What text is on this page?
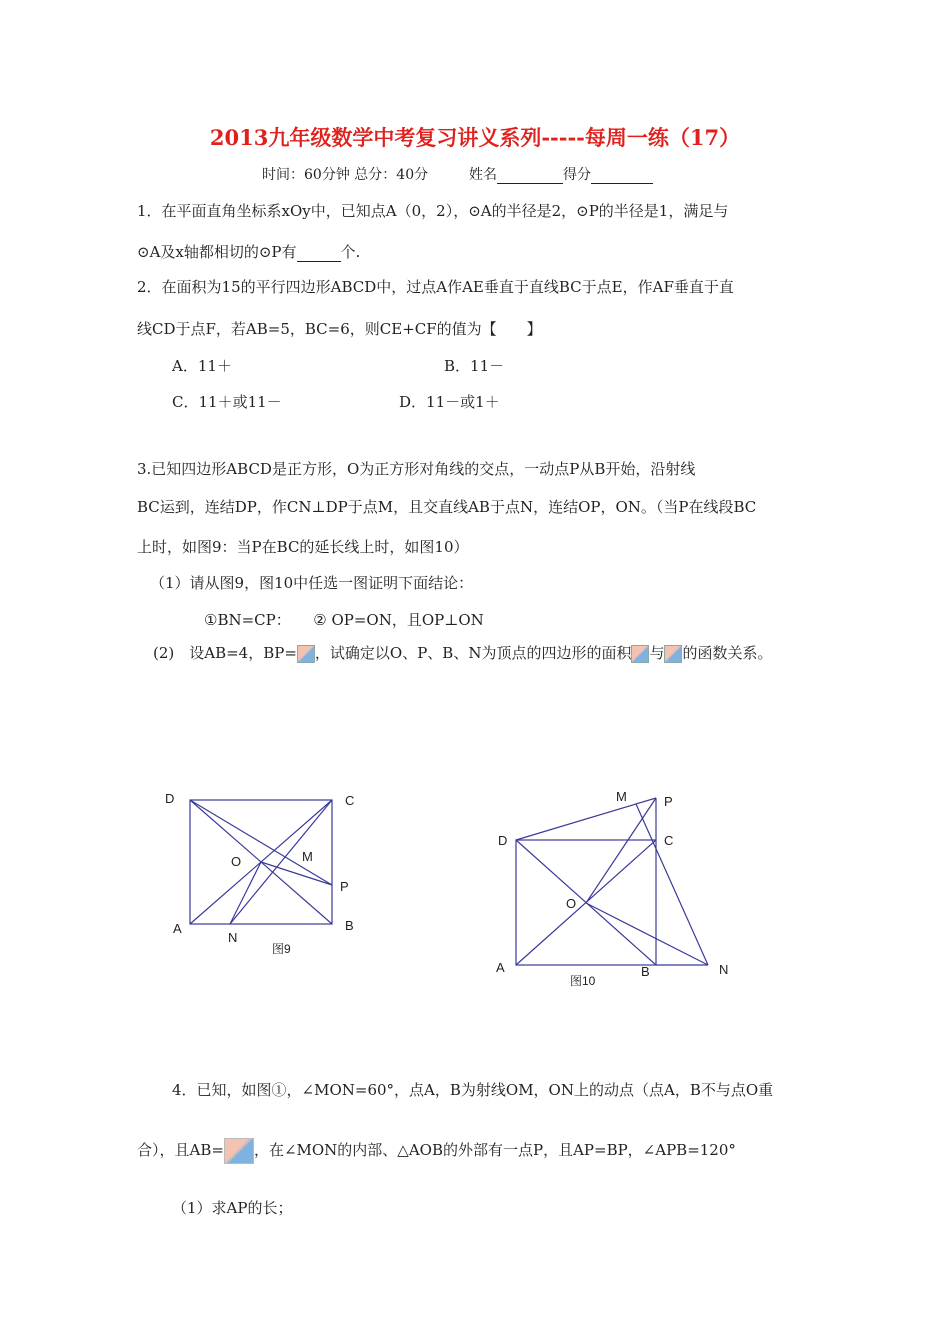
2013九年级数学中考复习讲义系列-----每周一练（17）
时间：60分钟 总分：40分	姓名	得分
1．在平面直角坐标系xOy中，已知点A（0，2），⊙A的半径是2，⊙P的半径是1，满足与
⊙A及x轴都相切的⊙P有	个.
2．在面积为15的平行四边形ABCD中，过点A作AE垂直于直线BC于点E，作AF垂直于直
线CD于点F，若AB=5，BC=6，则CE+CF的值为【　　】
A．11＋	B．11－
C．11＋或11－	D．11－或1＋
3.已知四边形ABCD是正方形，O为正方形对角线的交点，一动点P从B开始，沿射线
BC运到，连结DP，作CN⊥DP于点M，且交直线AB于点N，连结OP，ON。（当P在线段BC
上时，如图9：当P在BC的延长线上时，如图10）
（1）请从图9，图10中任选一图证明下面结论：
①BN=CP：　　② OP=ON，且OP⊥ON
(2)　设AB=4，BP= ，试确定以O、P、B、N为顶点的四边形的面积 与 的函数关系。
D	C
O	M
P
A
N
B
图9
M	P
D	C
O
A	B	N
图10
4．已知，如图①，∠MON=60°，点A，B为射线OM，ON上的动点（点A，B不与点O重
合），且AB= ，在∠MON的内部、△AOB的外部有一点P，且AP=BP，∠APB=120°
（1）求AP的长；
